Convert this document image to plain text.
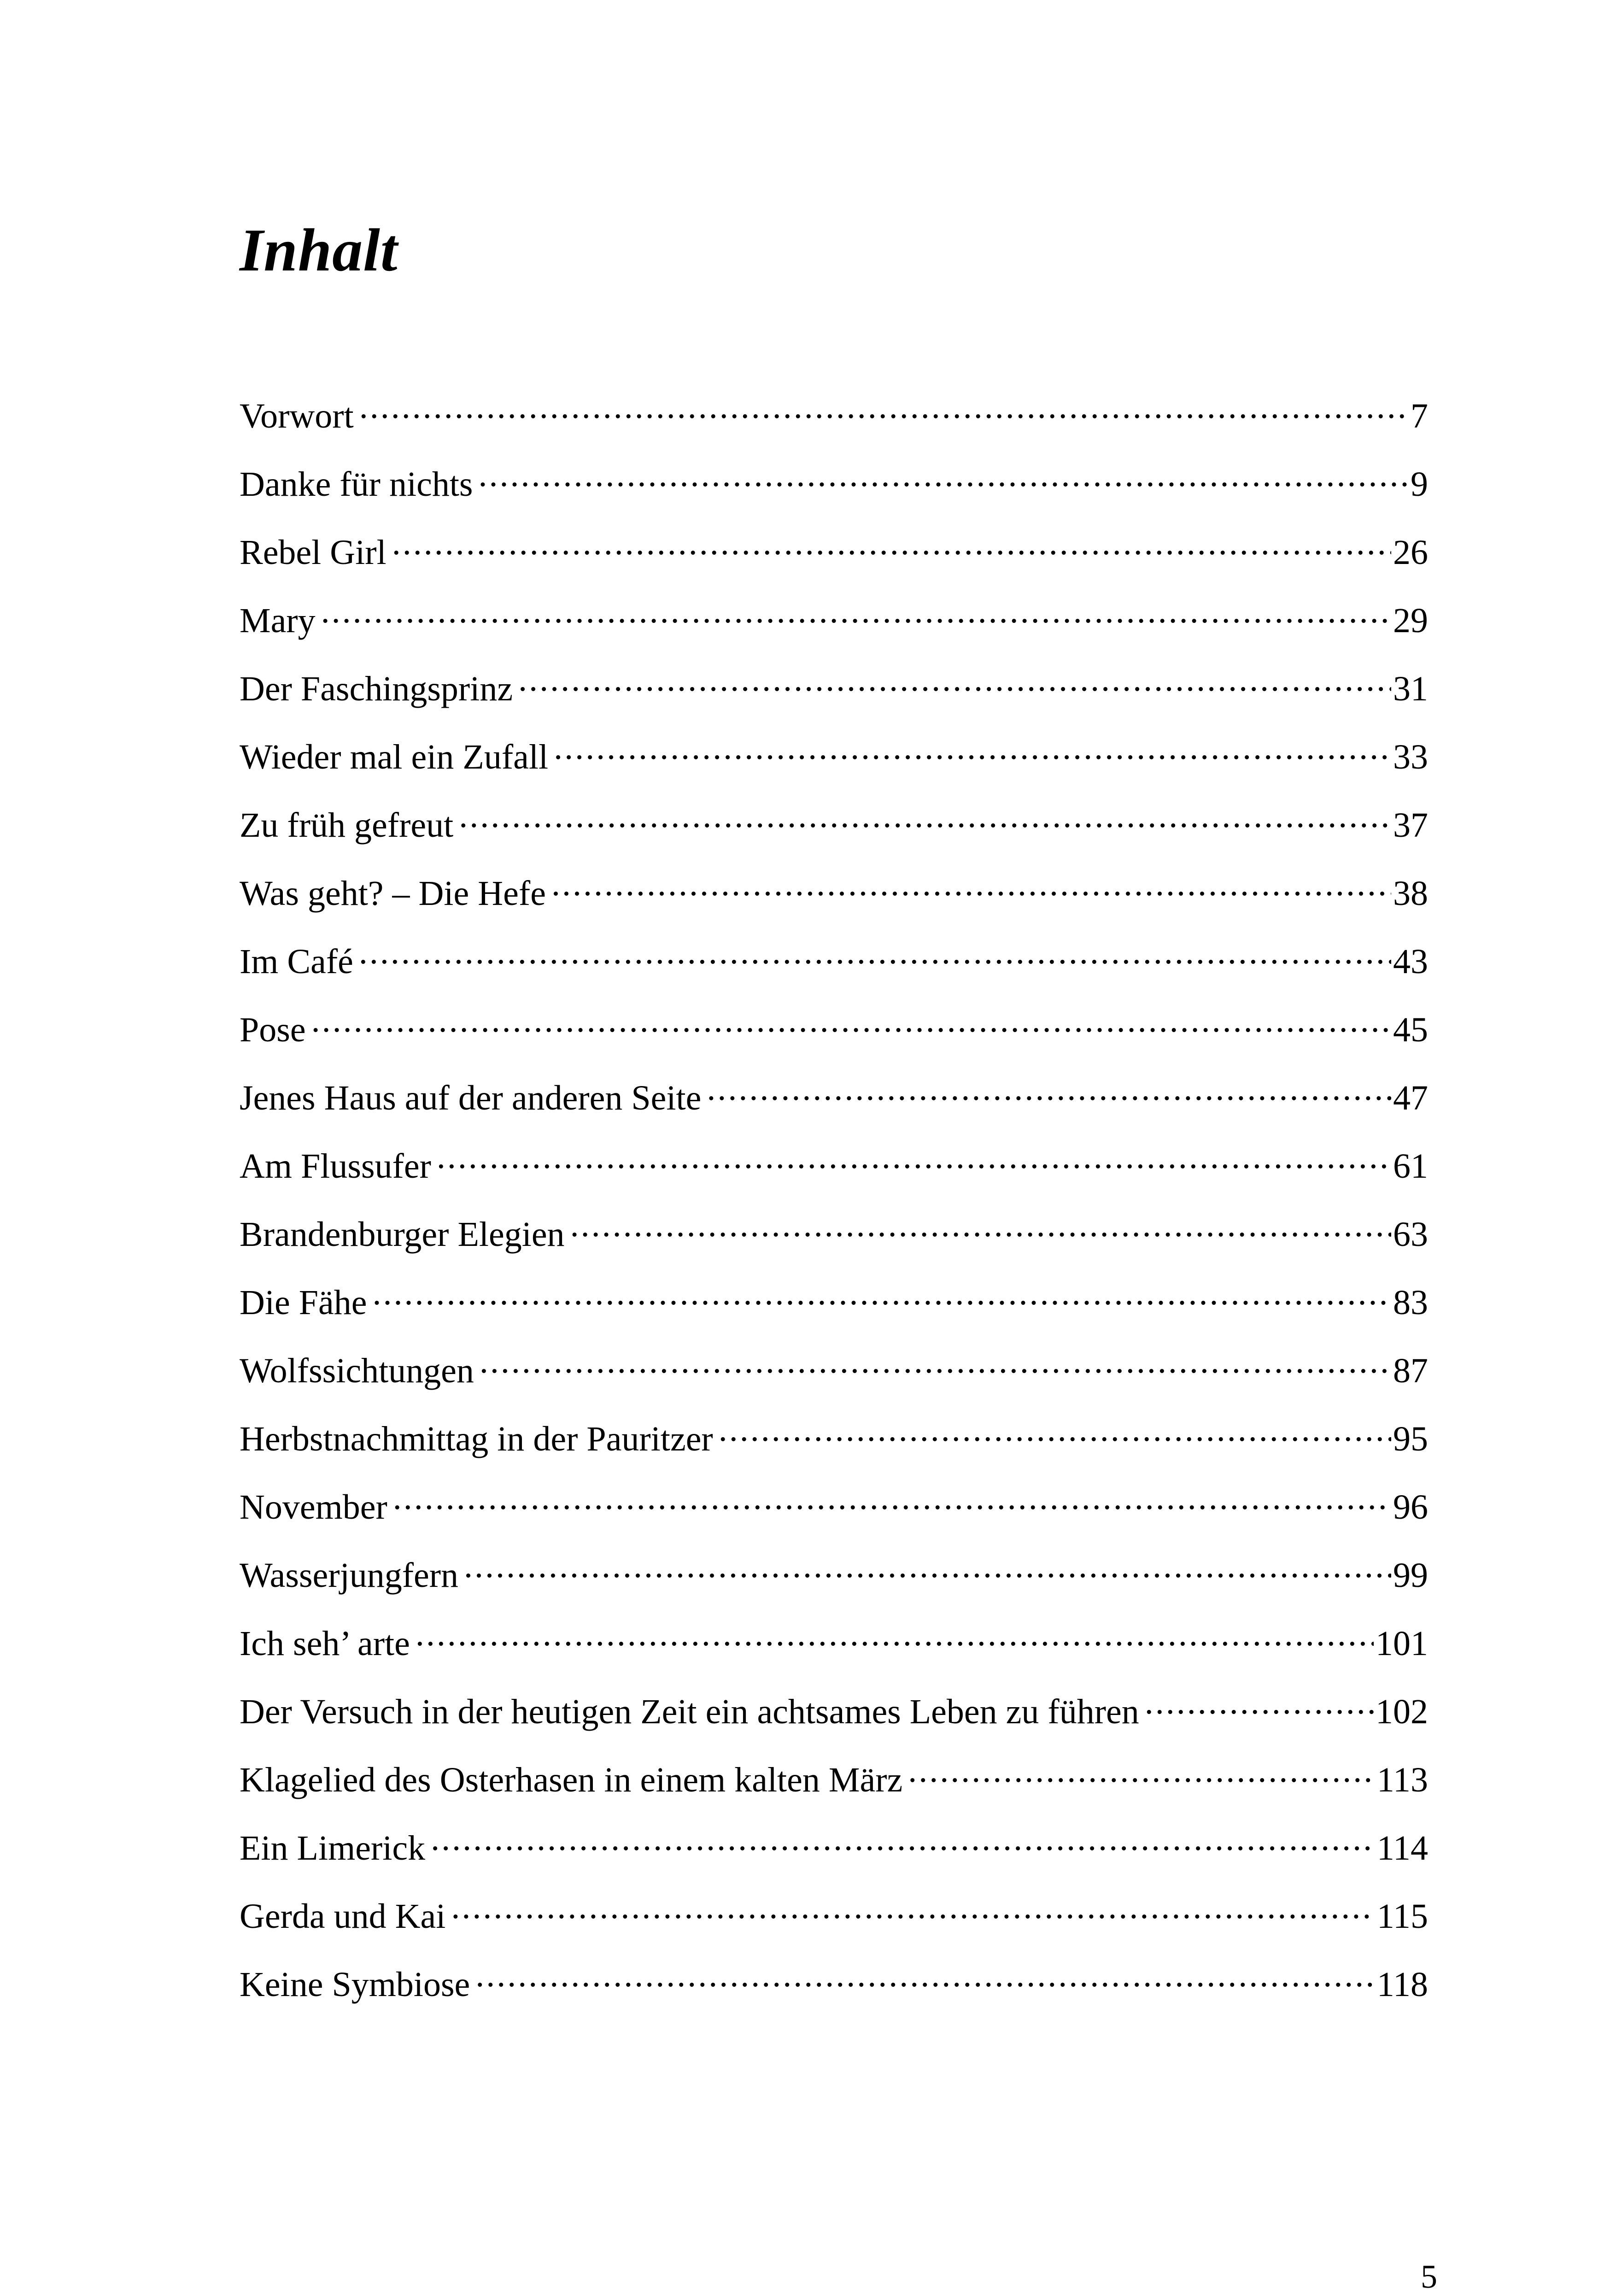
Inhalt
Vorwort .....	7
Danke für nichts .....	9
Rebel Girl .....	26
Mary .....	29
Der Faschingsprinz .....	31
Wieder mal ein Zufall .....	33
Zu früh gefreut .....	37
Was geht? – Die Hefe .....	38
Im Café .....	43
Pose .....	45
Jenes Haus auf der anderen Seite .....	47
Am Flussufer .....	61
Brandenburger Elegien .....	63
Die Fähe .....	83
Wolfssichtungen .....	87
Herbstnachmittag in der Pauritzer .....	95
November .....	96
Wasserjungfern .....	99
Ich seh’ arte .....	101
Der Versuch in der heutigen Zeit ein achtsames Leben zu führen .....	102
Klagelied des Osterhasen in einem kalten März .....	113
Ein Limerick .....	114
Gerda und Kai .....	115
Keine Symbiose .....	118
5
